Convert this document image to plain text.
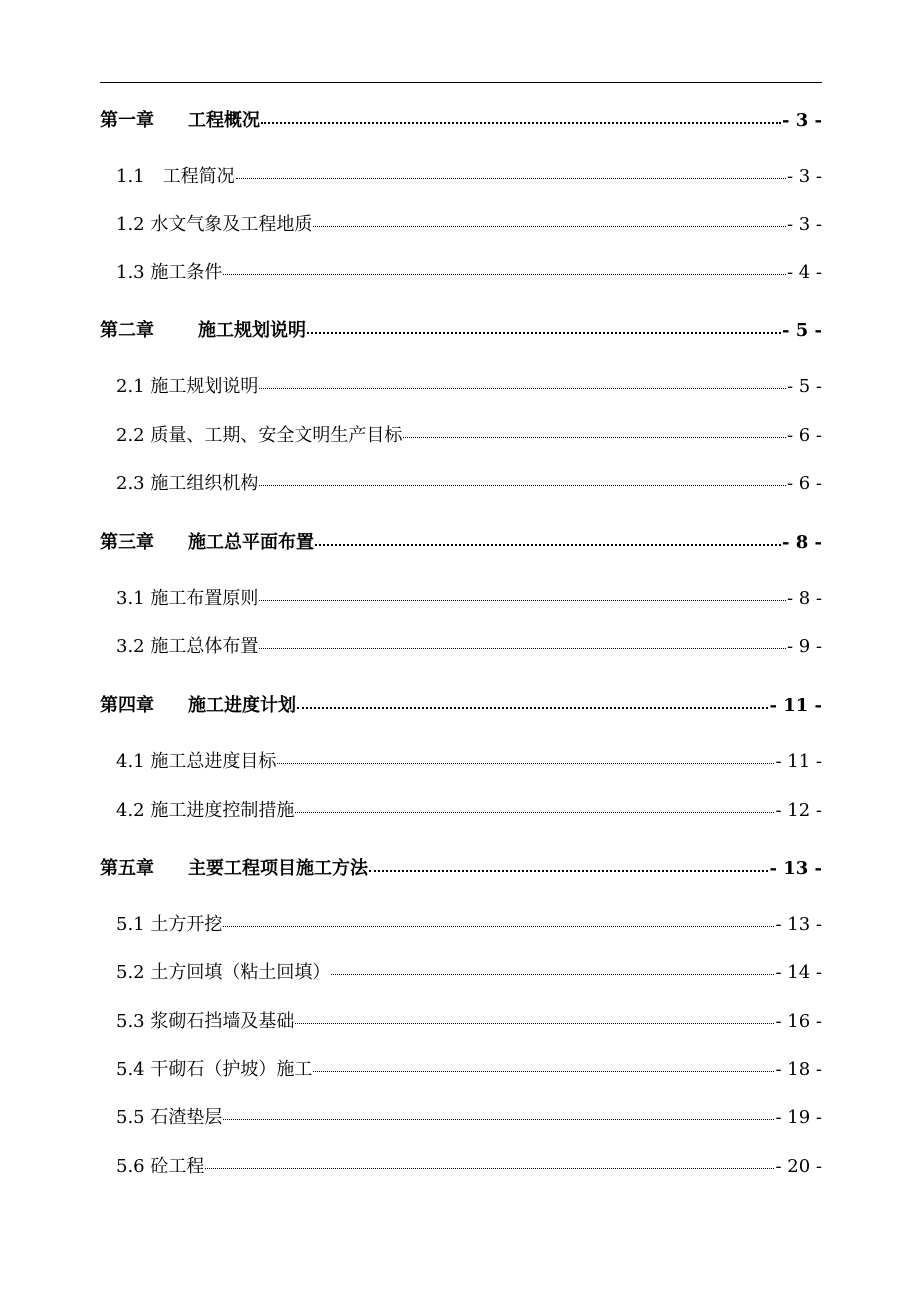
第一章 工程概况	- 3 -
1.1　工程简况	- 3 -
1.2 水文气象及工程地质	- 3 -
1.3 施工条件	- 4 -
第二章 施工规划说明	- 5 -
2.1 施工规划说明	- 5 -
2.2 质量、工期、安全文明生产目标	- 6 -
2.3 施工组织机构	- 6 -
第三章 施工总平面布置	- 8 -
3.1 施工布置原则	- 8 -
3.2 施工总体布置	- 9 -
第四章 施工进度计划	- 11 -
4.1 施工总进度目标	- 11 -
4.2 施工进度控制措施	- 12 -
第五章 主要工程项目施工方法	- 13 -
5.1 土方开挖	- 13 -
5.2 土方回填（粘土回填）	- 14 -
5.3 浆砌石挡墙及基础	- 16 -
5.4 干砌石（护坡）施工	- 18 -
5.5 石渣垫层	- 19 -
5.6 砼工程	- 20 -
